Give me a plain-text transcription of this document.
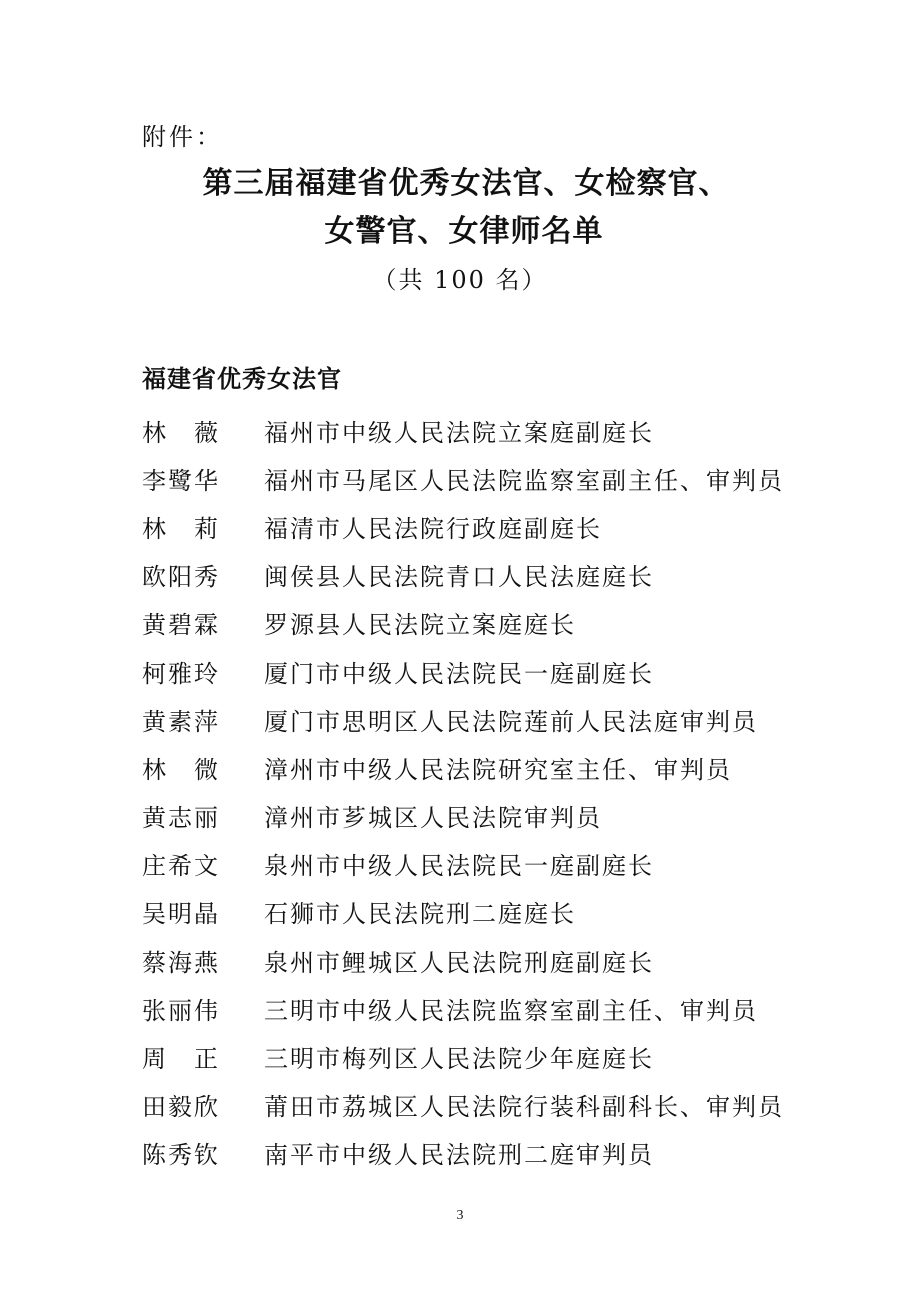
附件：

第三届福建省优秀女法官、女检察官、
女警官、女律师名单

（共 100 名）

福建省优秀女法官
林　薇	福州市中级人民法院立案庭副庭长
李鹭华	福州市马尾区人民法院监察室副主任、审判员
林　莉	福清市人民法院行政庭副庭长
欧阳秀	闽侯县人民法院青口人民法庭庭长
黄碧霖	罗源县人民法院立案庭庭长
柯雅玲	厦门市中级人民法院民一庭副庭长
黄素萍	厦门市思明区人民法院莲前人民法庭审判员
林　微	漳州市中级人民法院研究室主任、审判员
黄志丽	漳州市芗城区人民法院审判员
庄希文	泉州市中级人民法院民一庭副庭长
吴明晶	石狮市人民法院刑二庭庭长
蔡海燕	泉州市鲤城区人民法院刑庭副庭长
张丽伟	三明市中级人民法院监察室副主任、审判员
周　正	三明市梅列区人民法院少年庭庭长
田毅欣	莆田市荔城区人民法院行装科副科长、审判员
陈秀钦	南平市中级人民法院刑二庭审判员

3
